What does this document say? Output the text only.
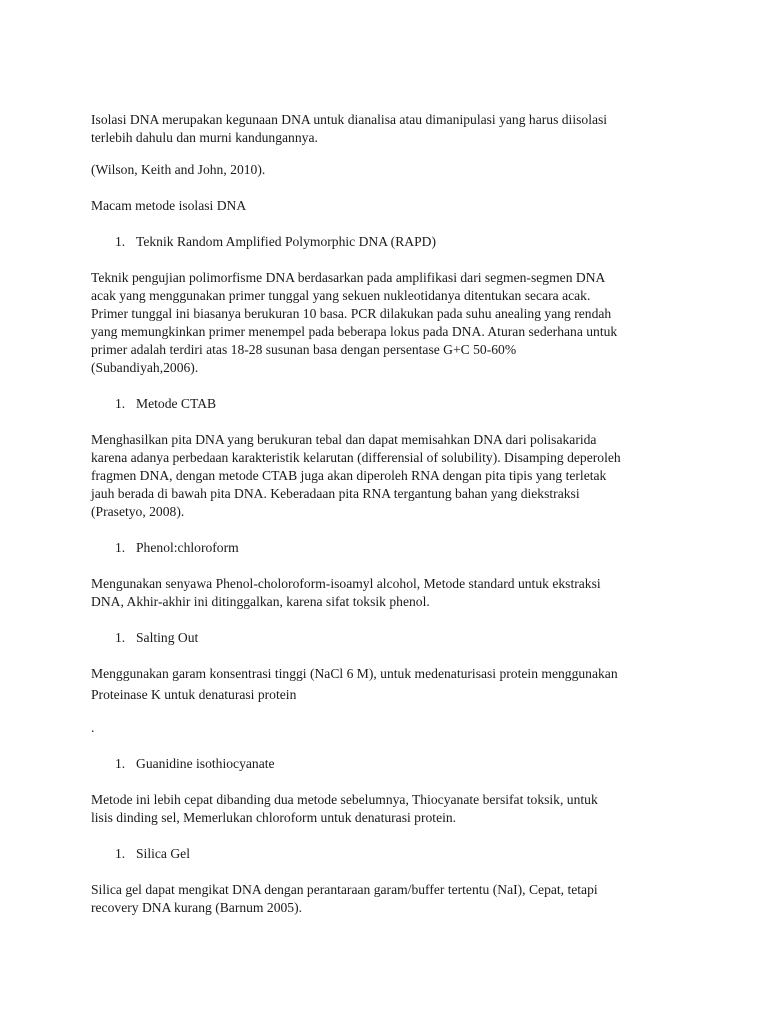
Isolasi DNA merupakan kegunaan DNA untuk dianalisa atau dimanipulasi yang harus diisolasi
terlebih dahulu dan murni kandungannya.

(Wilson, Keith and John, 2010).

Macam metode isolasi DNA

1. Teknik Random Amplified Polymorphic DNA (RAPD)

Teknik pengujian polimorfisme DNA berdasarkan pada amplifikasi dari segmen-segmen DNA
acak yang menggunakan primer tunggal yang sekuen nukleotidanya ditentukan secara acak.
Primer tunggal ini biasanya berukuran 10 basa. PCR dilakukan pada suhu anealing yang rendah
yang memungkinkan primer menempel pada beberapa lokus pada DNA. Aturan sederhana untuk
primer adalah terdiri atas 18-28 susunan basa dengan persentase G+C 50-60%
(Subandiyah,2006).

1. Metode CTAB

Menghasilkan pita DNA yang berukuran tebal dan dapat memisahkan DNA dari polisakarida
karena adanya perbedaan karakteristik kelarutan (differensial of solubility). Disamping deperoleh
fragmen DNA, dengan metode CTAB juga akan diperoleh RNA dengan pita tipis yang terletak
jauh berada di bawah pita DNA. Keberadaan pita RNA tergantung bahan yang diekstraksi
(Prasetyo, 2008).

1. Phenol:chloroform

Mengunakan senyawa Phenol-choloroform-isoamyl alcohol, Metode standard untuk ekstraksi
DNA, Akhir-akhir ini ditinggalkan, karena sifat toksik phenol.

1. Salting Out

Menggunakan garam konsentrasi tinggi (NaCl 6 M), untuk medenaturisasi protein menggunakan
Proteinase K untuk denaturasi protein

.

1. Guanidine isothiocyanate

Metode ini lebih cepat dibanding dua metode sebelumnya, Thiocyanate bersifat toksik, untuk
lisis dinding sel, Memerlukan chloroform untuk denaturasi protein.

1. Silica Gel

Silica gel dapat mengikat DNA dengan perantaraan garam/buffer tertentu (NaI), Cepat, tetapi
recovery DNA kurang (Barnum 2005).
